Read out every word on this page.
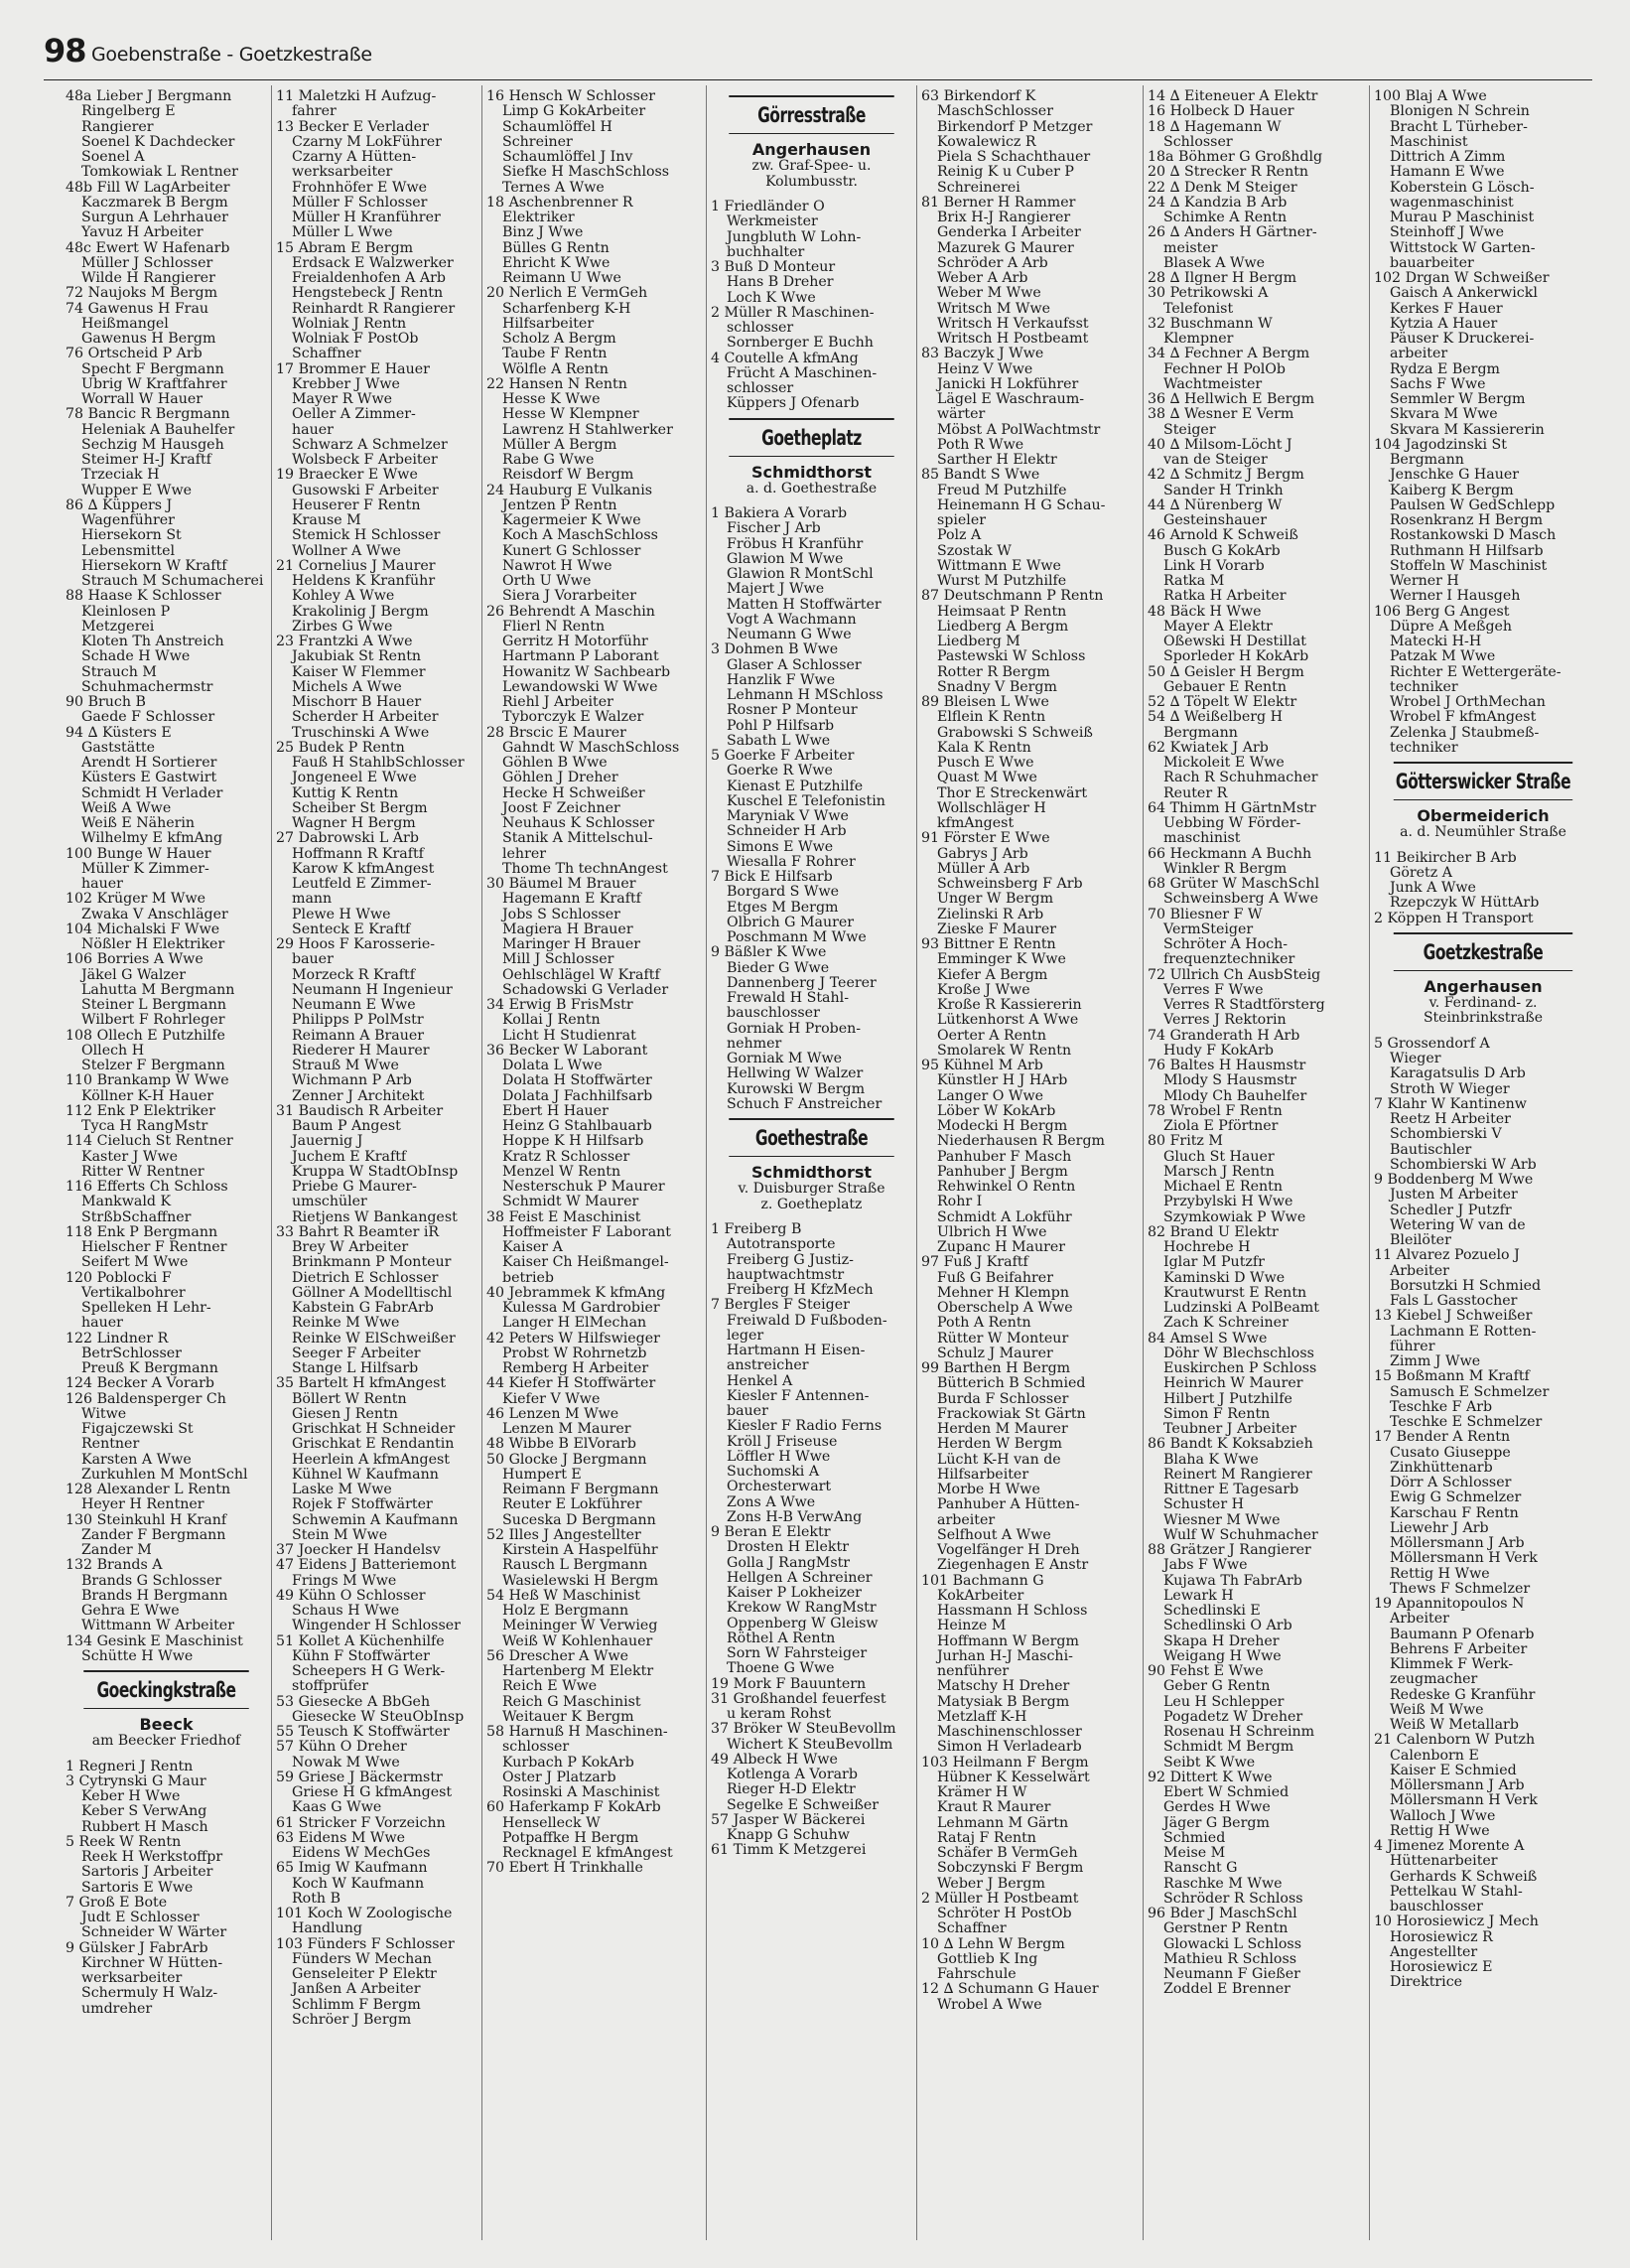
98 Goebenstraße - Goetzkestraße
48a Lieber J Bergmann
Ringelberg E
Rangierer
Soenel K Dachdecker
Soenel A
Tomkowiak L Rentner
48b Fill W LagArbeiter
Kaczmarek B Bergm
Surgun A Lehrhauer
Yavuz H Arbeiter
48c Ewert W Hafenarb
Müller J Schlosser
Wilde H Rangierer
72 Naujoks M Bergm
74 Gawenus H Frau
Heißmangel
Gawenus H Bergm
76 Ortscheid P Arb
Specht F Bergmann
Ubrig W Kraftfahrer
Worrall W Hauer
78 Bancic R Bergmann
Heleniak A Bauhelfer
Sechzig M Hausgeh
Steimer H-J Kraftf
Trzeciak H
Wupper E Wwe
86 ∆ Küppers J
Wagenführer
Hiersekorn St
Lebensmittel
Hiersekorn W Kraftf
Strauch M Schumacherei
88 Haase K Schlosser
Kleinlosen P
Metzgerei
Kloten Th Anstreich
Schade H Wwe
Strauch M
Schuhmachermstr
90 Bruch B
Gaede F Schlosser
94 ∆ Küsters E
Gaststätte
Arendt H Sortierer
Küsters E Gastwirt
Schmidt H Verlader
Weiß A Wwe
Weiß E Näherin
Wilhelmy E kfmAng
100 Bunge W Hauer
Müller K Zimmer-
hauer
102 Krüger M Wwe
Zwaka V Anschläger
104 Michalski F Wwe
Nößler H Elektriker
106 Borries A Wwe
Jäkel G Walzer
Lahutta M Bergmann
Steiner L Bergmann
Wilbert F Rohrleger
108 Ollech E Putzhilfe
Ollech H
Stelzer F Bergmann
110 Brankamp W Wwe
Köllner K-H Hauer
112 Enk P Elektriker
Tyca H RangMstr
114 Cieluch St Rentner
Kaster J Wwe
Ritter W Rentner
116 Efferts Ch Schloss
Mankwald K
StrßbSchaffner
118 Enk P Bergmann
Hielscher F Rentner
Seifert M Wwe
120 Poblocki F
Vertikalbohrer
Spelleken H Lehr-
hauer
122 Lindner R
BetrSchlosser
Preuß K Bergmann
124 Becker A Vorarb
126 Baldensperger Ch
Witwe
Figajczewski St
Rentner
Karsten A Wwe
Zurkuhlen M MontSchl
128 Alexander L Rentn
Heyer H Rentner
130 Steinkuhl H Kranf
Zander F Bergmann
Zander M
132 Brands A
Brands G Schlosser
Brands H Bergmann
Gehra E Wwe
Wittmann W Arbeiter
134 Gesink E Maschinist
Schütte H Wwe
Goeckingkstraße
Beeck
am Beecker Friedhof
1 Regneri J Rentn
3 Cytrynski G Maur
Keber H Wwe
Keber S VerwAng
Rubbert H Masch
5 Reek W Rentn
Reek H Werkstoffpr
Sartoris J Arbeiter
Sartoris E Wwe
7 Groß E Bote
Judt E Schlosser
Schneider W Wärter
9 Gülsker J FabrArb
Kirchner W Hütten-
werksarbeiter
Schermuly H Walz-
umdreher
11 Maletzki H Aufzug-
fahrer
13 Becker E Verlader
Czarny M LokFührer
Czarny A Hütten-
werksarbeiter
Frohnhöfer E Wwe
Müller F Schlosser
Müller H Kranführer
Müller L Wwe
15 Abram E Bergm
Erdsack E Walzwerker
Freialdenhofen A Arb
Hengstebeck J Rentn
Reinhardt R Rangierer
Wolniak J Rentn
Wolniak F PostOb
Schaffner
17 Brommer E Hauer
Krebber J Wwe
Mayer R Wwe
Oeller A Zimmer-
hauer
Schwarz A Schmelzer
Wolsbeck F Arbeiter
19 Braecker E Wwe
Gusowski F Arbeiter
Heuserer F Rentn
Krause M
Stemick H Schlosser
Wollner A Wwe
21 Cornelius J Maurer
Heldens K Kranführ
Kohley A Wwe
Krakolinig J Bergm
Zirbes G Wwe
23 Frantzki A Wwe
Jakubiak St Rentn
Kaiser W Flemmer
Michels A Wwe
Mischorr B Hauer
Scherder H Arbeiter
Truschinski A Wwe
25 Budek P Rentn
Fauß H StahlbSchlosser
Jongeneel E Wwe
Kuttig K Rentn
Scheiber St Bergm
Wagner H Bergm
27 Dabrowski L Arb
Hoffmann R Kraftf
Karow K kfmAngest
Leutfeld E Zimmer-
mann
Plewe H Wwe
Senteck E Kraftf
29 Hoos F Karosserie-
bauer
Morzeck R Kraftf
Neumann H Ingenieur
Neumann E Wwe
Philipps P PolMstr
Reimann A Brauer
Riederer H Maurer
Strauß M Wwe
Wichmann P Arb
Zenner J Architekt
31 Baudisch R Arbeiter
Baum P Angest
Jauernig J
Juchem E Kraftf
Kruppa W StadtObInsp
Priebe G Maurer-
umschüler
Rietjens W Bankangest
33 Bahrt R Beamter iR
Brey W Arbeiter
Brinkmann P Monteur
Dietrich E Schlosser
Göllner A Modelltischl
Kabstein G FabrArb
Reinke M Wwe
Reinke W ElSchweißer
Seeger F Arbeiter
Stange L Hilfsarb
35 Bartelt H kfmAngest
Böllert W Rentn
Giesen J Rentn
Grischkat H Schneider
Grischkat E Rendantin
Heerlein A kfmAngest
Kühnel W Kaufmann
Laske M Wwe
Rojek F Stoffwärter
Schwemin A Kaufmann
Stein M Wwe
37 Joecker H Handelsv
47 Eidens J Batteriemont
Frings M Wwe
49 Kühn O Schlosser
Schaus H Wwe
Wingender H Schlosser
51 Kollet A Küchenhilfe
Kühn F Stoffwärter
Scheepers H G Werk-
stoffprüfer
53 Giesecke A BbGeh
Giesecke W SteuObInsp
55 Teusch K Stoffwärter
57 Kühn O Dreher
Nowak M Wwe
59 Griese J Bäckermstr
Griese H G kfmAngest
Kaas G Wwe
61 Stricker F Vorzeichn
63 Eidens M Wwe
Eidens W MechGes
65 Imig W Kaufmann
Koch W Kaufmann
Roth B
101 Koch W Zoologische
Handlung
103 Fünders F Schlosser
Fünders W Mechan
Genseleiter P Elektr
Janßen A Arbeiter
Schlimm F Bergm
Schröer J Bergm
16 Hensch W Schlosser
Limp G KokArbeiter
Schaumlöffel H
Schreiner
Schaumlöffel J Inv
Siefke H MaschSchloss
Ternes A Wwe
18 Aschenbrenner R
Elektriker
Binz J Wwe
Bülles G Rentn
Ehricht K Wwe
Reimann U Wwe
20 Nerlich E VermGeh
Scharfenberg K-H
Hilfsarbeiter
Scholz A Bergm
Taube F Rentn
Wölfle A Rentn
22 Hansen N Rentn
Hesse K Wwe
Hesse W Klempner
Lawrenz H Stahlwerker
Müller A Bergm
Rabe G Wwe
Reisdorf W Bergm
24 Hauburg E Vulkanis
Jentzen P Rentn
Kagermeier K Wwe
Koch A MaschSchloss
Kunert G Schlosser
Nawrot H Wwe
Orth U Wwe
Siera J Vorarbeiter
26 Behrendt A Maschin
Flierl N Rentn
Gerritz H Motorführ
Hartmann P Laborant
Howanitz W Sachbearb
Lewandowski W Wwe
Riehl J Arbeiter
Tyborczyk E Walzer
28 Brscic E Maurer
Gahndt W MaschSchloss
Göhlen B Wwe
Göhlen J Dreher
Hecke H Schweißer
Joost F Zeichner
Neuhaus K Schlosser
Stanik A Mittelschul-
lehrer
Thome Th technAngest
30 Bäumel M Brauer
Hagemann E Kraftf
Jobs S Schlosser
Magiera H Brauer
Maringer H Brauer
Mill J Schlosser
Oehlschlägel W Kraftf
Schadowski G Verlader
34 Erwig B FrisMstr
Kollai J Rentn
Licht H Studienrat
36 Becker W Laborant
Dolata L Wwe
Dolata H Stoffwärter
Dolata J Fachhilfsarb
Ebert H Hauer
Heinz G Stahlbauarb
Hoppe K H Hilfsarb
Kratz R Schlosser
Menzel W Rentn
Nesterschuk P Maurer
Schmidt W Maurer
38 Feist E Maschinist
Hoffmeister F Laborant
Kaiser A
Kaiser Ch Heißmangel-
betrieb
40 Jebrammek K kfmAng
Kulessa M Gardrobier
Langer H ElMechan
42 Peters W Hilfswieger
Probst W Rohrnetzb
Remberg H Arbeiter
44 Kiefer H Stoffwärter
Kiefer V Wwe
46 Lenzen M Wwe
Lenzen M Maurer
48 Wibbe B ElVorarb
50 Glocke J Bergmann
Humpert E
Reimann F Bergmann
Reuter E Lokführer
Suceska D Bergmann
52 Illes J Angestellter
Kirstein A Haspelführ
Rausch L Bergmann
Wasielewski H Bergm
54 Heß W Maschinist
Holz E Bergmann
Meininger W Verwieg
Weiß W Kohlenhauer
56 Drescher A Wwe
Hartenberg M Elektr
Reich E Wwe
Reich G Maschinist
Weitauer K Bergm
58 Harnuß H Maschinen-
schlosser
Kurbach P KokArb
Oster J Platzarb
Rosinski A Maschinist
60 Haferkamp F KokArb
Henselleck W
Potpaffke H Bergm
Recknagel E kfmAngest
70 Ebert H Trinkhalle
Görresstraße
Angerhausen
zw. Graf-Spee- u.
Kolumbusstr.
1 Friedländer O
Werkmeister
Jungbluth W Lohn-
buchhalter
3 Buß D Monteur
Hans B Dreher
Loch K Wwe
2 Müller R Maschinen-
schlosser
Sornberger E Buchh
4 Coutelle A kfmAng
Frücht A Maschinen-
schlosser
Küppers J Ofenarb
Goetheplatz
Schmidthorst
a. d. Goethestraße
1 Bakiera A Vorarb
Fischer J Arb
Fröbus H Kranführ
Glawion M Wwe
Glawion R MontSchl
Majert J Wwe
Matten H Stoffwärter
Vogt A Wachmann
Neumann G Wwe
3 Dohmen B Wwe
Glaser A Schlosser
Hanzlik F Wwe
Lehmann H MSchloss
Rosner P Monteur
Pohl P Hilfsarb
Sabath L Wwe
5 Goerke F Arbeiter
Goerke R Wwe
Kienast E Putzhilfe
Kuschel E Telefonistin
Maryniak V Wwe
Schneider H Arb
Simons E Wwe
Wiesalla F Rohrer
7 Bick E Hilfsarb
Borgard S Wwe
Etges M Bergm
Olbrich G Maurer
Poschmann M Wwe
9 Bäßler K Wwe
Bieder G Wwe
Dannenberg J Teerer
Frewald H Stahl-
bauschlosser
Gorniak H Proben-
nehmer
Gorniak M Wwe
Hellwing W Walzer
Kurowski W Bergm
Schuch F Anstreicher
Goethestraße
Schmidthorst
v. Duisburger Straße
z. Goetheplatz
1 Freiberg B
Autotransporte
Freiberg G Justiz-
hauptwachtmstr
Freiberg H KfzMech
7 Bergles F Steiger
Freiwald D Fußboden-
leger
Hartmann H Eisen-
anstreicher
Henkel A
Kiesler F Antennen-
bauer
Kiesler F Radio Ferns
Kröll J Friseuse
Löffler H Wwe
Suchomski A
Orchesterwart
Zons A Wwe
Zons H-B VerwAng
9 Beran E Elektr
Drosten H Elektr
Golla J RangMstr
Hellgen A Schreiner
Kaiser P Lokheizer
Krekow W RangMstr
Oppenberg W Gleisw
Röthel A Rentn
Sorn W Fahrsteiger
Thoene G Wwe
19 Mork F Bauuntern
31 Großhandel feuerfest
u keram Rohst
37 Bröker W SteuBevollm
Wichert K SteuBevollm
49 Albeck H Wwe
Kotlenga A Vorarb
Rieger H-D Elektr
Segelke E Schweißer
57 Jasper W Bäckerei
Knapp G Schuhw
61 Timm K Metzgerei
63 Birkendorf K
MaschSchlosser
Birkendorf P Metzger
Kowalewicz R
Piela S Schachthauer
Reinig K u Cuber P
Schreinerei
81 Berner H Rammer
Brix H-J Rangierer
Genderka I Arbeiter
Mazurek G Maurer
Schröder A Arb
Weber A Arb
Weber M Wwe
Writsch M Wwe
Writsch H Verkaufsst
Writsch H Postbeamt
83 Baczyk J Wwe
Heinz V Wwe
Janicki H Lokführer
Lägel E Waschraum-
wärter
Möbst A PolWachtmstr
Poth R Wwe
Sarther H Elektr
85 Bandt S Wwe
Freud M Putzhilfe
Heinemann H G Schau-
spieler
Polz A
Szostak W
Wittmann E Wwe
Wurst M Putzhilfe
87 Deutschmann P Rentn
Heimsaat P Rentn
Liedberg A Bergm
Liedberg M
Pastewski W Schloss
Rotter R Bergm
Snadny V Bergm
89 Bleisen L Wwe
Elflein K Rentn
Grabowski S Schweiß
Kala K Rentn
Pusch E Wwe
Quast M Wwe
Thor E Streckenwärt
Wollschläger H
kfmAngest
91 Förster E Wwe
Gabrys J Arb
Müller A Arb
Schweinsberg F Arb
Unger W Bergm
Zielinski R Arb
Zieske F Maurer
93 Bittner E Rentn
Emminger K Wwe
Kiefer A Bergm
Kroße J Wwe
Kroße R Kassiererin
Lütkenhorst A Wwe
Oerter A Rentn
Smolarek W Rentn
95 Kühnel M Arb
Künstler H J HArb
Langer O Wwe
Löber W KokArb
Modecki H Bergm
Niederhausen R Bergm
Panhuber F Masch
Panhuber J Bergm
Rehwinkel O Rentn
Rohr I
Schmidt A Lokführ
Ulbrich H Wwe
Zupanc H Maurer
97 Fuß J Kraftf
Fuß G Beifahrer
Mehner H Klempn
Oberschelp A Wwe
Poth A Rentn
Rütter W Monteur
Schulz J Maurer
99 Barthen H Bergm
Bütterich B Schmied
Burda F Schlosser
Frackowiak St Gärtn
Herden M Maurer
Herden W Bergm
Lücht K-H van de
Hilfsarbeiter
Morbe H Wwe
Panhuber A Hütten-
arbeiter
Selfhout A Wwe
Vogelfänger H Dreh
Ziegenhagen E Anstr
101 Bachmann G
KokArbeiter
Hassmann H Schloss
Heinze M
Hoffmann W Bergm
Jurhan H-J Maschi-
nenführer
Matschy H Dreher
Matysiak B Bergm
Metzlaff K-H
Maschinenschlosser
Simon H Verladearb
103 Heilmann F Bergm
Hübner K Kesselwärt
Krämer H W
Kraut R Maurer
Lehmann M Gärtn
Rataj F Rentn
Schäfer B VermGeh
Sobczynski F Bergm
Weber J Bergm
2 Müller H Postbeamt
Schröter H PostOb
Schaffner
10 ∆ Lehn W Bergm
Gottlieb K Ing
Fahrschule
12 ∆ Schumann G Hauer
Wrobel A Wwe
14 ∆ Eiteneuer A Elektr
16 Holbeck D Hauer
18 ∆ Hagemann W
Schlosser
18a Böhmer G Großhdlg
20 ∆ Strecker R Rentn
22 ∆ Denk M Steiger
24 ∆ Kandzia B Arb
Schimke A Rentn
26 ∆ Anders H Gärtner-
meister
Blasek A Wwe
28 ∆ Ilgner H Bergm
30 Petrikowski A
Telefonist
32 Buschmann W
Klempner
34 ∆ Fechner A Bergm
Fechner H PolOb
Wachtmeister
36 ∆ Hellwich E Bergm
38 ∆ Wesner E Verm
Steiger
40 ∆ Milsom-Löcht J
van de Steiger
42 ∆ Schmitz J Bergm
Sander H Trinkh
44 ∆ Nürenberg W
Gesteinshauer
46 Arnold K Schweiß
Busch G KokArb
Link H Vorarb
Ratka M
Ratka H Arbeiter
48 Bäck H Wwe
Mayer A Elektr
Oßewski H Destillat
Sporleder H KokArb
50 ∆ Geisler H Bergm
Gebauer E Rentn
52 ∆ Töpelt W Elektr
54 ∆ Weißelberg H
Bergmann
62 Kwiatek J Arb
Mickoleit E Wwe
Rach R Schuhmacher
Reuter R
64 Thimm H GärtnMstr
Uebbing W Förder-
maschinist
66 Heckmann A Buchh
Winkler R Bergm
68 Grüter W MaschSchl
Schweinsberg A Wwe
70 Bliesner F W
VermSteiger
Schröter A Hoch-
frequenztechniker
72 Ullrich Ch AusbSteig
Verres F Wwe
Verres R Stadtförsterg
Verres J Rektorin
74 Granderath H Arb
Hudy F KokArb
76 Baltes H Hausmstr
Mlody S Hausmstr
Mlody Ch Bauhelfer
78 Wrobel F Rentn
Ziola E Pförtner
80 Fritz M
Gluch St Hauer
Marsch J Rentn
Michael E Rentn
Przybylski H Wwe
Szymkowiak P Wwe
82 Brand U Elektr
Hochrebe H
Iglar M Putzfr
Kaminski D Wwe
Krautwurst E Rentn
Ludzinski A PolBeamt
Zach K Schreiner
84 Amsel S Wwe
Döhr W Blechschloss
Euskirchen P Schloss
Heinrich W Maurer
Hilbert J Putzhilfe
Simon F Rentn
Teubner J Arbeiter
86 Bandt K Koksabzieh
Blaha K Wwe
Reinert M Rangierer
Rittner E Tagesarb
Schuster H
Wiesner M Wwe
Wulf W Schuhmacher
88 Grätzer J Rangierer
Jabs F Wwe
Kujawa Th FabrArb
Lewark H
Schedlinski E
Schedlinski O Arb
Skapa H Dreher
Weigang H Wwe
90 Fehst E Wwe
Geber G Rentn
Leu H Schlepper
Pogadetz W Dreher
Rosenau H Schreinm
Schmidt M Bergm
Seibt K Wwe
92 Dittert K Wwe
Ebert W Schmied
Gerdes H Wwe
Jäger G Bergm
Schmied
Meise M
Ranscht G
Raschke M Wwe
Schröder R Schloss
96 Bder J MaschSchl
Gerstner P Rentn
Glowacki L Schloss
Mathieu R Schloss
Neumann F Gießer
Zoddel E Brenner
100 Blaj A Wwe
Blonigen N Schrein
Bracht L Türheber-
Maschinist
Dittrich A Zimm
Hamann E Wwe
Koberstein G Lösch-
wagenmaschinist
Murau P Maschinist
Steinhoff J Wwe
Wittstock W Garten-
bauarbeiter
102 Drgan W Schweißer
Gaisch A Ankerwickl
Kerkes F Hauer
Kytzia A Hauer
Päuser K Druckerei-
arbeiter
Rydza E Bergm
Sachs F Wwe
Semmler W Bergm
Skvara M Wwe
Skvara M Kassiererin
104 Jagodzinski St
Bergmann
Jenschke G Hauer
Kaiberg K Bergm
Paulsen W GedSchlepp
Rosenkranz H Bergm
Rostankowski D Masch
Ruthmann H Hilfsarb
Stoffeln W Maschinist
Werner H
Werner I Hausgeh
106 Berg G Angest
Düpre A Meßgeh
Matecki H-H
Patzak M Wwe
Richter E Wettergeräte-
techniker
Wrobel J OrthMechan
Wrobel F kfmAngest
Zelenka J Staubmeß-
techniker
Götterswicker Straße
Obermeiderich
a. d. Neumühler Straße
11 Beikircher B Arb
Göretz A
Junk A Wwe
Rzepczyk W HüttArb
2 Köppen H Transport
Goetzkestraße
Angerhausen
v. Ferdinand- z.
Steinbrinkstraße
5 Grossendorf A
Wieger
Karagatsulis D Arb
Stroth W Wieger
7 Klahr W Kantinenw
Reetz H Arbeiter
Schombierski V
Bautischler
Schombierski W Arb
9 Boddenberg M Wwe
Justen M Arbeiter
Schedler J Putzfr
Wetering W van de
Bleilöter
11 Alvarez Pozuelo J
Arbeiter
Borsutzki H Schmied
Fals L Gasstocher
13 Kiebel J Schweißer
Lachmann E Rotten-
führer
Zimm J Wwe
15 Boßmann M Kraftf
Samusch E Schmelzer
Teschke F Arb
Teschke E Schmelzer
17 Bender A Rentn
Cusato Giuseppe
Zinkhüttenarb
Dörr A Schlosser
Ewig G Schmelzer
Karschau F Rentn
Liewehr J Arb
Möllersmann J Arb
Möllersmann H Verk
Rettig H Wwe
Thews F Schmelzer
19 Apannitopoulos N
Arbeiter
Baumann P Ofenarb
Behrens F Arbeiter
Klimmek F Werk-
zeugmacher
Redeske G Kranführ
Weiß M Wwe
Weiß W Metallarb
21 Calenborn W Putzh
Calenborn E
Kaiser E Schmied
Möllersmann J Arb
Möllersmann H Verk
Walloch J Wwe
Rettig H Wwe
4 Jimenez Morente A
Hüttenarbeiter
Gerhards K Schweiß
Pettelkau W Stahl-
bauschlosser
10 Horosiewicz J Mech
Horosiewicz R
Angestellter
Horosiewicz E
Direktrice
